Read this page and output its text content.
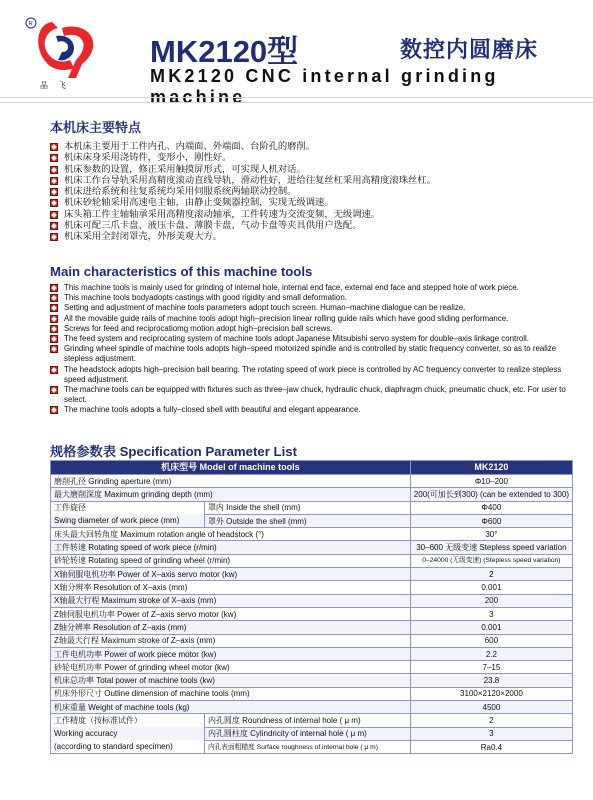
R
晶飞
MK2120型	数控内圆磨床
MK2120 CNC internal grinding machine
本机床主要特点
本机床主要用于工件内孔、内端面、外端面、台阶孔的磨削。
机床床身采用浇铸件，变形小，刚性好。
机床参数的设置，修正采用触摸屏形式，可实现人机对话。
机床工作台导轨采用高精度滚动直线导轨，滑动性好，进给往复丝杠采用高精度滚珠丝杠。
机床进给系统和往复系统均采用伺服系统两轴联动控制。
机床砂轮轴采用高速电主轴，由静止变频器控制，实现无级调速。
床头箱工件主轴轴承采用高精度滚动轴承，工件转速为交流变频，无级调速。
机床可配三爪卡盘、液压卡盘、薄膜卡盘、气动卡盘等夹具供用户选配。
机床采用全封闭罩壳，外形美观大方。
Main characteristics of this machine tools
This machine tools is mainly used for grinding of internal hole, internal end face, external end face and stepped hole of work piece.
This machine tools bodyadopts castings with good rigidity and small deformation.
Setting and adjustment of machine tools parameters adopt touch screen. Human–machine dialogue can be realize.
All the movable guide rails of machine tools adopt high–precision linear rolling guide rails which have good sliding performance.
Screws for feed and reciprocatiomg motion adopt high–precision ball screws.
The feed system and reciprocating system of machine tools adopt Japanese Mitsubishi servo system for double–axis linkage controll.
Grinding wheel spindle of machine tools adopts high–speed motorized spindle and is controlled by static frequency converter, so as to realize stepless adjustment.
The headstock adopts high–precision ball bearing. The rotating speed of work piece is controlled by AC frequency converter to realize stepless speed adjustment.
The machine tools can be equipped with fixtures such as three–jaw chuck, hydraulic chuck, diaphragm chuck, pneumatic chuck, etc. For user to select.
The machine tools adopts a fully–closed shell with beautiful and elegant appearance.
规格参数表 Specification Parameter List
机床型号 Model of machine tools		MK2120
磨削孔径 Grinding aperture (mm)		Φ10–200
最大磨削深度 Maximum grinding depth (mm)		200(可加长到300) (can be extended to 300)
工件旋径	罩内 Inside the shell (mm)	Φ400
Swing diameter of work piece (mm)	罩外 Outside the shell (mm)	Φ600
床头最大回转角度 Maximum rotation angle of headstock (°)		30°
工件转速 Rotating speed of work piece (r/min)		30–600 无级变速 Stepless speed variation
砂轮转速 Rotating speed of grinding wheel (r/min)		0–24000 (无级变速) (Stepless speed variation)
X轴伺服电机功率 Power of X–axis servo motor (kw)		2
X轴分辨率 Resolution of X–axis (mm)		0.001
X轴最大行程 Maximum stroke of X–axis (mm)		200
Z轴伺服电机功率 Power of Z–axis servo motor (kw)		3
Z轴分辨率 Resolution of Z–axis (mm)		0.001
Z轴最大行程 Maximum stroke of Z–axis (mm)		600
工件电机功率 Power of work piece motor (kw)		2.2
砂轮电机功率 Power of grinding wheel motor (kw)		7–15
机床总功率 Total power of machine tools (kw)		23.8
机床外形尺寸 Outline dimension of machine tools (mm)		3100×2120×2000
机床重量 Weight of machine tools (kg)		4500
工作精度（按标准试件）	内孔圆度 Roundness of internal hole ( μ m)	2
Working accuracy	内孔圆柱度 Cylindricity of internal hole ( μ m)	3
(according to standard specimen)	内孔表面粗糙度 Surface roughness of internal hole ( μ m)	Ra0.4
